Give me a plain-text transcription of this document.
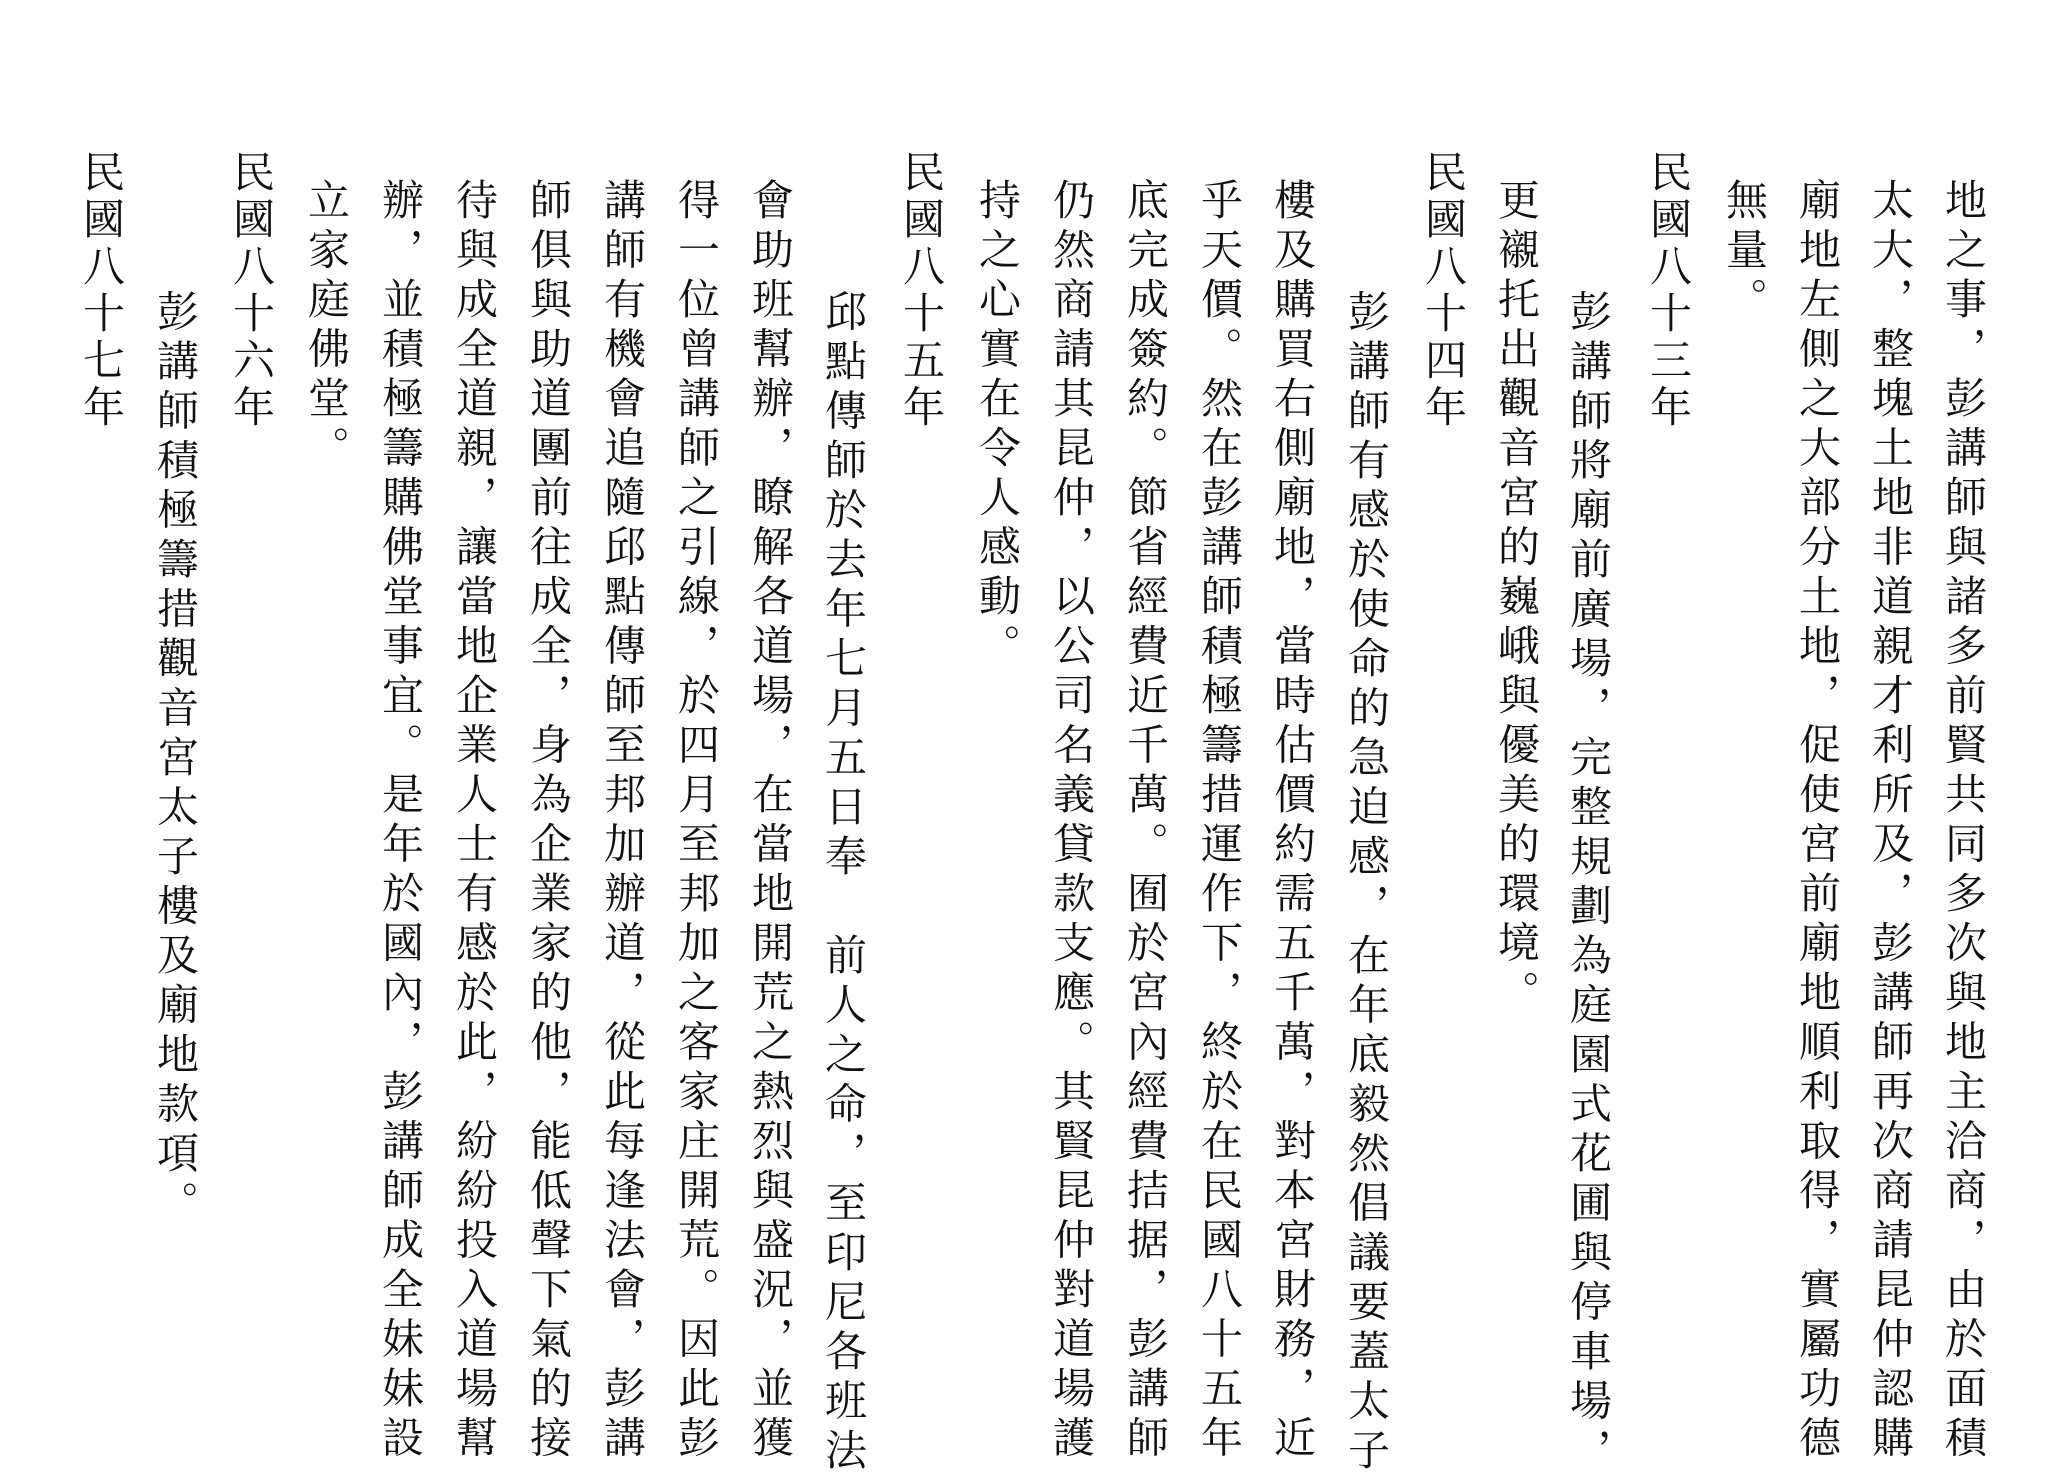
地之事，彭講師與諸多前賢共同多次與地主洽商，由於面積
太大，整塊土地非道親才利所及，彭講師再次商請昆仲認購
廟地左側之大部分土地，促使宮前廟地順利取得，實屬功德
無量。
民國八十三年
　彭講師將廟前廣場，完整規劃為庭園式花圃與停車場，
更襯托出觀音宮的巍峨與優美的環境。
民國八十四年
　彭講師有感於使命的急迫感，在年底毅然倡議要蓋太子
樓及購買右側廟地，當時估價約需五千萬，對本宮財務，近
乎天價。然在彭講師積極籌措運作下，終於在民國八十五年
底完成簽約。節省經費近千萬。囿於宮內經費拮据，彭講師
仍然商請其昆仲，以公司名義貸款支應。其賢昆仲對道場護
持之心實在令人感動。
民國八十五年
　邱點傳師於去年七月五日奉　前人之命，至印尼各班法
會助班幫辦，瞭解各道場，在當地開荒之熱烈與盛況，並獲
得一位曾講師之引線，於四月至邦加之客家庄開荒。因此彭
講師有機會追隨邱點傳師至邦加辦道，從此每逢法會，彭講
師俱與助道團前往成全，身為企業家的他，能低聲下氣的接
待與成全道親，讓當地企業人士有感於此，紛紛投入道場幫
辦，並積極籌購佛堂事宜。是年於國內，彭講師成全妹妹設
立家庭佛堂。
民國八十六年
　彭講師積極籌措觀音宮太子樓及廟地款項。
民國八十七年
